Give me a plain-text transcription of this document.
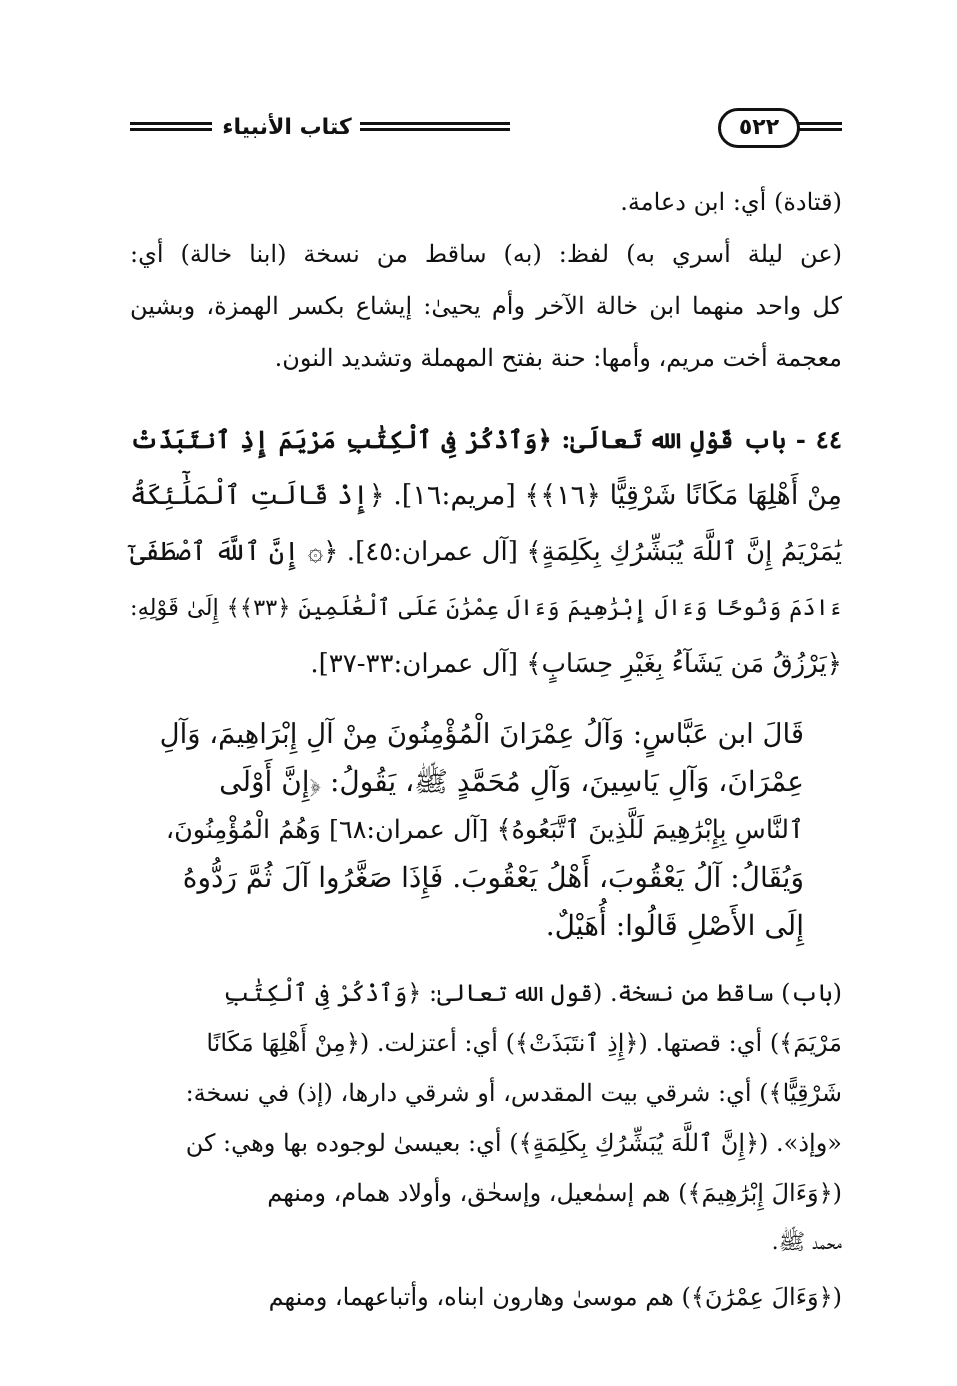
كتاب الأنبياء	٥٢٢
(قتادة) أي: ابن دعامة.
(عن ليلة أسري به) لفظ: (به) ساقط من نسخة (ابنا خالة) أي:
كل واحد منهما ابن خالة الآخر وأم يحيىٰ: إيشاع بكسر الهمزة، وبشين
معجمة أخت مريم، وأمها: حنة بفتح المهملة وتشديد النون.
٤٤ - باب قَوْلِ الله تَعالَىٰ: ﴿وَٱذْكُرْ فِى ٱلْكِتَٰبِ مَرْيَمَ إِذِ ٱنتَبَذَتْ
مِنْ أَهْلِهَا مَكَانًا شَرْقِيًّا ﴿١٦﴾﴾ [مريم:١٦]. ﴿إِذْ قَالَتِ ٱلْمَلَٰٓئِكَةُ
يَٰمَرْيَمُ إِنَّ ٱللَّهَ يُبَشِّرُكِ بِكَلِمَةٍ﴾ [آل عمران:٤٥]. ﴿۞ إِنَّ ٱللَّهَ ٱصْطَفَىٰٓ
ءَادَمَ وَنُوحًا وَءَالَ إِبْرَٰهِيمَ وَءَالَ عِمْرَٰنَ عَلَى ٱلْعَٰلَمِينَ ﴿٣٣﴾﴾ إِلَىٰ قَوْلِهِ:
﴿يَرْزُقُ مَن يَشَآءُ بِغَيْرِ حِسَابٍ﴾ [آل عمران:٣٣-٣٧].
قَالَ ابن عَبَّاسٍ: وَآلُ عِمْرَانَ الْمُؤْمِنُونَ مِنْ آلِ إِبْرَاهِيمَ، وَآلِ
عِمْرَانَ، وَآلِ يَاسِينَ، وَآلِ مُحَمَّدٍ ﷺ، يَقُولُ: ﴿إِنَّ أَوْلَى
ٱلنَّاسِ بِإِبْرَٰهِيمَ لَلَّذِينَ ٱتَّبَعُوهُ﴾ [آل عمران:٦٨] وَهُمُ الْمُؤْمِنُونَ،
وَيُقَالُ: آلُ يَعْقُوبَ، أَهْلُ يَعْقُوبَ. فَإِذَا صَغَّرُوا آلَ ثُمَّ رَدُّوهُ
إِلَى الأَصْلِ قَالُوا: أُهَيْلٌ.
(باب) ساقط من نسخة. (قول الله تعالىٰ: ﴿وَٱذْكُرْ فِى ٱلْكِتَٰبِ
مَرْيَمَ﴾) أي: قصتها. (﴿إِذِ ٱنتَبَذَتْ﴾) أي: أعتزلت. (﴿مِنْ أَهْلِهَا مَكَانًا
شَرْقِيًّا﴾) أي: شرقي بيت المقدس، أو شرقي دارها، (إذ) في نسخة:
«وإذ». (﴿إِنَّ ٱللَّهَ يُبَشِّرُكِ بِكَلِمَةٍ﴾) أي: بعيسىٰ لوجوده بها وهي: كن
(﴿وَءَالَ إِبْرَٰهِيمَ﴾) هم إسمٰعيل، وإسحٰق، وأولاد همام، ومنهم
محمد ﷺ.
(﴿وَءَالَ عِمْرَٰنَ﴾) هم موسىٰ وهارون ابناه، وأتباعهما، ومنهم
